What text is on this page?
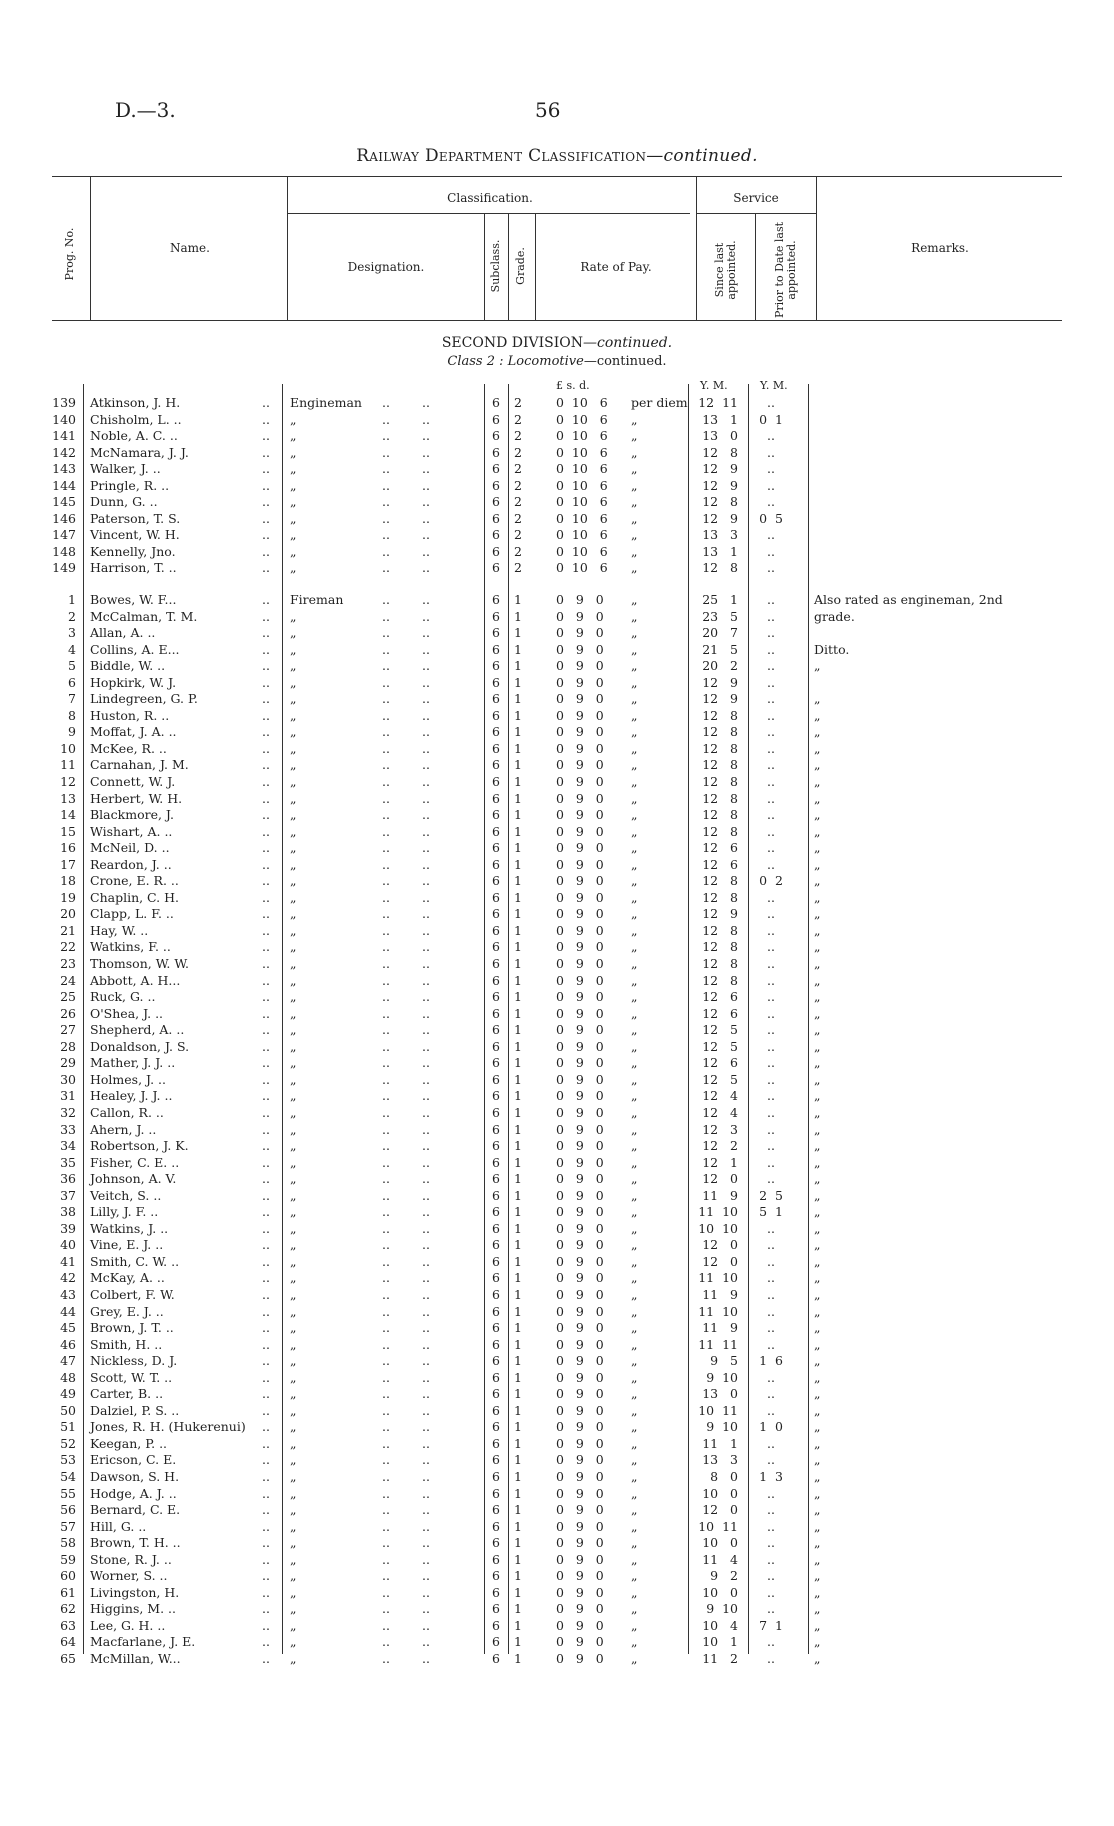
D.—3.	56
Railway Department Classification—continued.
Prog. No.	Name.
Classification.
Designation.	Subclass. Grade.	Rate of Pay.
Service
Since last appointed.	Prior to Date last appointed.	Remarks.
SECOND DIVISION—continued.
Class 2 : Locomotive—continued.
£ s. d.	Y. M.	Y. M.
139 Atkinson, J. H.	.. Engineman ..	..	6	2	0  10   6 per diem 12  11	..
140 Chisholm, L. ..	.. „	..	..	6	2	0  10   6 „	13   1	0  1
141 Noble, A. C. ..	.. „	..	..	6	2	0  10   6 „	13   0	..
142 McNamara, J. J.	.. „	..	..	6	2	0  10   6 „	12   8	..
143 Walker, J. ..	.. „	..	..	6	2	0  10   6 „	12   9	..
144 Pringle, R. ..	.. „	..	..	6	2	0  10   6 „	12   9	..
145 Dunn, G. ..	.. „	..	..	6	2	0  10   6 „	12   8	..
146 Paterson, T. S.	.. „	..	..	6	2	0  10   6 „	12   9	0  5
147 Vincent, W. H.	.. „	..	..	6	2	0  10   6 „	13   3	..
148 Kennelly, Jno.	.. „	..	..	6	2	0  10   6 „	13   1	..
149 Harrison, T. ..	.. „	..	..	6	2	0  10   6 „	12   8	..
1 Bowes, W. F...	.. Fireman	..	..	6	1	0   9   0 „	25   1	..	Also rated as engineman, 2nd
2 McCalman, T. M.	.. „	..	..	6	1	0   9   0 „	23   5	..	grade.
3 Allan, A. ..	.. „	..	..	6	1	0   9   0 „	20   7	..
4 Collins, A. E...	.. „	..	..	6	1	0   9   0 „	21   5	..	Ditto.
5 Biddle, W. ..	.. „	..	..	6	1	0   9   0 „	20   2	..	„
6 Hopkirk, W. J.	.. „	..	..	6	1	0   9   0 „	12   9	..
7 Lindegreen, G. P.	.. „	..	..	6	1	0   9   0 „	12   9	..	„
8 Huston, R. ..	.. „	..	..	6	1	0   9   0 „	12   8	..	„
9 Moffat, J. A. ..	.. „	..	..	6	1	0   9   0 „	12   8	..	„
10 McKee, R. ..	.. „	..	..	6	1	0   9   0 „	12   8	..	„
11 Carnahan, J. M.	.. „	..	..	6	1	0   9   0 „	12   8	..	„
12 Connett, W. J.	.. „	..	..	6	1	0   9   0 „	12   8	..	„
13 Herbert, W. H.	.. „	..	..	6	1	0   9   0 „	12   8	..	„
14 Blackmore, J.	.. „	..	..	6	1	0   9   0 „	12   8	..	„
15 Wishart, A. ..	.. „	..	..	6	1	0   9   0 „	12   8	..	„
16 McNeil, D. ..	.. „	..	..	6	1	0   9   0 „	12   6	..	„
17 Reardon, J. ..	.. „	..	..	6	1	0   9   0 „	12   6	..	„
18 Crone, E. R. ..	.. „	..	..	6	1	0   9   0 „	12   8	0  2	„
19 Chaplin, C. H.	.. „	..	..	6	1	0   9   0 „	12   8	..	„
20 Clapp, L. F. ..	.. „	..	..	6	1	0   9   0 „	12   9	..	„
21 Hay, W. ..	.. „	..	..	6	1	0   9   0 „	12   8	..	„
22 Watkins, F. ..	.. „	..	..	6	1	0   9   0 „	12   8	..	„
23 Thomson, W. W.	.. „	..	..	6	1	0   9   0 „	12   8	..	„
24 Abbott, A. H...	.. „	..	..	6	1	0   9   0 „	12   8	..	„
25 Ruck, G. ..	.. „	..	..	6	1	0   9   0 „	12   6	..	„
26 O'Shea, J. ..	.. „	..	..	6	1	0   9   0 „	12   6	..	„
27 Shepherd, A. ..	.. „	..	..	6	1	0   9   0 „	12   5	..	„
28 Donaldson, J. S.	.. „	..	..	6	1	0   9   0 „	12   5	..	„
29 Mather, J. J. ..	.. „	..	..	6	1	0   9   0 „	12   6	..	„
30 Holmes, J. ..	.. „	..	..	6	1	0   9   0 „	12   5	..	„
31 Healey, J. J. ..	.. „	..	..	6	1	0   9   0 „	12   4	..	„
32 Callon, R. ..	.. „	..	..	6	1	0   9   0 „	12   4	..	„
33 Ahern, J. ..	.. „	..	..	6	1	0   9   0 „	12   3	..	„
34 Robertson, J. K.	.. „	..	..	6	1	0   9   0 „	12   2	..	„
35 Fisher, C. E. ..	.. „	..	..	6	1	0   9   0 „	12   1	..	„
36 Johnson, A. V.	.. „	..	..	6	1	0   9   0 „	12   0	..	„
37 Veitch, S. ..	.. „	..	..	6	1	0   9   0 „	11   9	2  5	„
38 Lilly, J. F. ..	.. „	..	..	6	1	0   9   0 „	11  10	5  1	„
39 Watkins, J. ..	.. „	..	..	6	1	0   9   0 „	10  10	..	„
40 Vine, E. J. ..	.. „	..	..	6	1	0   9   0 „	12   0	..	„
41 Smith, C. W. ..	.. „	..	..	6	1	0   9   0 „	12   0	..	„
42 McKay, A. ..	.. „	..	..	6	1	0   9   0 „	11  10	..	„
43 Colbert, F. W.	.. „	..	..	6	1	0   9   0 „	11   9	..	„
44 Grey, E. J. ..	.. „	..	..	6	1	0   9   0 „	11  10	..	„
45 Brown, J. T. ..	.. „	..	..	6	1	0   9   0 „	11   9	..	„
46 Smith, H. ..	.. „	..	..	6	1	0   9   0 „	11  11	..	„
47 Nickless, D. J.	.. „	..	..	6	1	0   9   0 „	9   5	1  6	„
48 Scott, W. T. ..	.. „	..	..	6	1	0   9   0 „	9  10	..	„
49 Carter, B. ..	.. „	..	..	6	1	0   9   0 „	13   0	..	„
50 Dalziel, P. S. ..	.. „	..	..	6	1	0   9   0 „	10  11	..	„
51 Jones, R. H. (Hukerenui) .. „	..	..	6	1	0   9   0 „	9  10	1  0	„
52 Keegan, P. ..	.. „	..	..	6	1	0   9   0 „	11   1	..	„
53 Ericson, C. E.	.. „	..	..	6	1	0   9   0 „	13   3	..	„
54 Dawson, S. H.	.. „	..	..	6	1	0   9   0 „	8   0	1  3	„
55 Hodge, A. J. ..	.. „	..	..	6	1	0   9   0 „	10   0	..	„
56 Bernard, C. E.	.. „	..	..	6	1	0   9   0 „	12   0	..	„
57 Hill, G. ..	.. „	..	..	6	1	0   9   0 „	10  11	..	„
58 Brown, T. H. ..	.. „	..	..	6	1	0   9   0 „	10   0	..	„
59 Stone, R. J. ..	.. „	..	..	6	1	0   9   0 „	11   4	..	„
60 Worner, S. ..	.. „	..	..	6	1	0   9   0 „	9   2	..	„
61 Livingston, H.	.. „	..	..	6	1	0   9   0 „	10   0	..	„
62 Higgins, M. ..	.. „	..	..	6	1	0   9   0 „	9  10	..	„
63 Lee, G. H. ..	.. „	..	..	6	1	0   9   0 „	10   4	7  1	„
64 Macfarlane, J. E.	.. „	..	..	6	1	0   9   0 „	10   1	..	„
65 McMillan, W...	.. „	..	..	6	1	0   9   0 „	11   2	..	„
